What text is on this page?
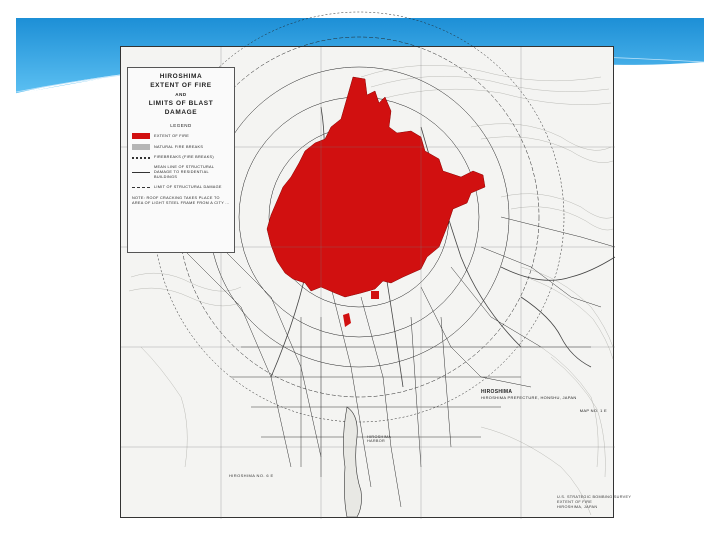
HIROSHIMA
EXTENT OF FIRE
AND
LIMITS OF BLAST DAMAGE
LEGEND
EXTENT OF FIRE
NATURAL FIRE BREAKS
FIREBREAKS (FIRE BREAKS)
MEAN LINE OF STRUCTURAL DAMAGE TO RESIDENTIAL BUILDINGS
LIMIT OF STRUCTURAL DAMAGE
NOTE: ROOF CRACKING TAKES PLACE TO AREA OF LIGHT STEEL FRAME FROM A CITY ...
HIROSHIMA
HIROSHIMA PREFECTURE, HONSHU, JAPAN
MAP NO. 1 E
HIROSHIMA NO. 6 E
U.S. STRATEGIC BOMBING SURVEY
EXTENT OF FIRE
HIROSHIMA, JAPAN
HIROSHIMA
HARBOR
